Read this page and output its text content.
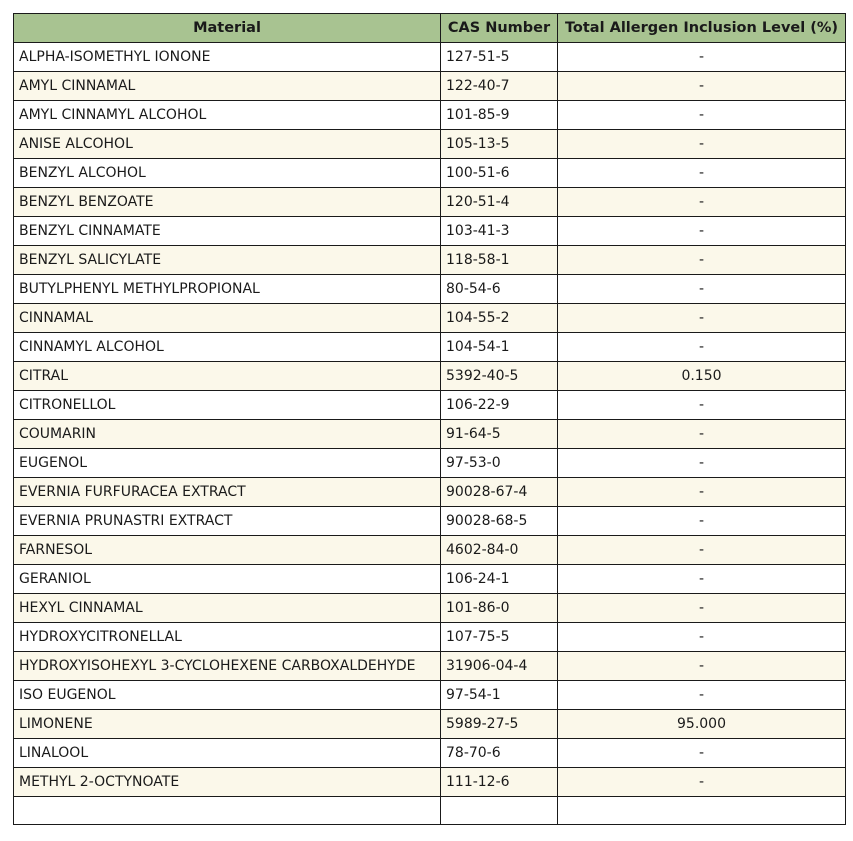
Material	CAS Number	Total Allergen Inclusion Level (%)
ALPHA-ISOMETHYL IONONE	127-51-5	-
AMYL CINNAMAL	122-40-7	-
AMYL CINNAMYL ALCOHOL	101-85-9	-
ANISE ALCOHOL	105-13-5	-
BENZYL ALCOHOL	100-51-6	-
BENZYL BENZOATE	120-51-4	-
BENZYL CINNAMATE	103-41-3	-
BENZYL SALICYLATE	118-58-1	-
BUTYLPHENYL METHYLPROPIONAL	80-54-6	-
CINNAMAL	104-55-2	-
CINNAMYL ALCOHOL	104-54-1	-
CITRAL	5392-40-5	0.150
CITRONELLOL	106-22-9	-
COUMARIN	91-64-5	-
EUGENOL	97-53-0	-
EVERNIA FURFURACEA EXTRACT	90028-67-4	-
EVERNIA PRUNASTRI EXTRACT	90028-68-5	-
FARNESOL	4602-84-0	-
GERANIOL	106-24-1	-
HEXYL CINNAMAL	101-86-0	-
HYDROXYCITRONELLAL	107-75-5	-
HYDROXYISOHEXYL 3-CYCLOHEXENE CARBOXALDEHYDE	31906-04-4	-
ISO EUGENOL	97-54-1	-
LIMONENE	5989-27-5	95.000
LINALOOL	78-70-6	-
METHYL 2-OCTYNOATE	111-12-6	-
